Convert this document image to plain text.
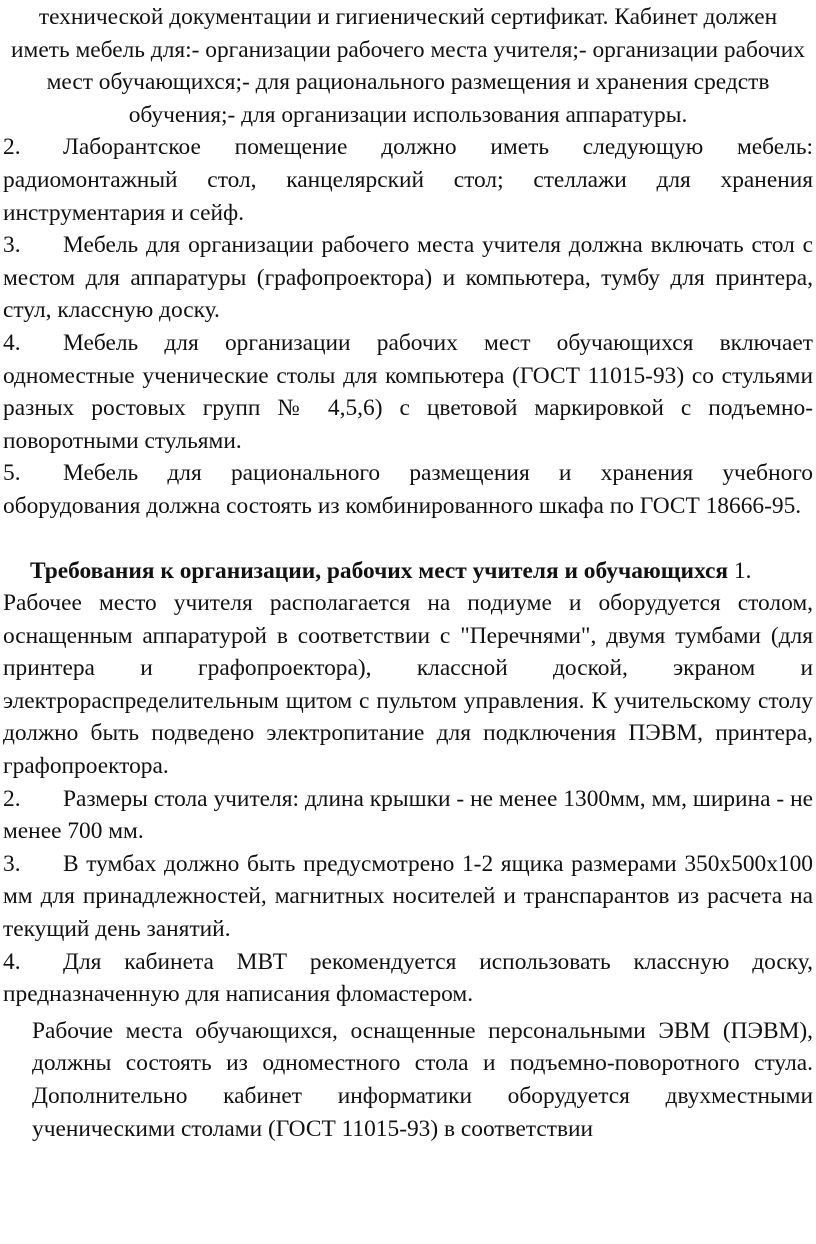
технической документации и гигиенический сертификат. Кабинет должен иметь мебель для:- организации рабочего места учителя;- организации рабочих мест обучающихся;- для рационального размещения и хранения средств обучения;- для организации использования аппаратуры.

2. Лаборантское помещение должно иметь следующую мебель: радиомонтажный стол, канцелярский стол; стеллажи для хранения инструментария и сейф.

3. Мебель для организации рабочего места учителя должна включать стол с местом для аппаратуры (графопроектора) и компьютера, тумбу для принтера, стул, классную доску.

4. Мебель для организации рабочих мест обучающихся включает одноместные ученические столы для компьютера (ГОСТ 11015-93) со стульями разных ростовых групп № 4,5,6) с цветовой маркировкой с подъемно-поворотными стульями.

5. Мебель для рационального размещения и хранения учебного оборудования должна состоять из комбинированного шкафа по ГОСТ 18666-95.

Требования к организации, рабочих мест учителя и обучающихся 1.

Рабочее место учителя располагается на подиуме и оборудуется столом, оснащенным аппаратурой в соответствии с "Перечнями", двумя тумбами (для принтера и графопроектора), классной доской, экраном и электрораспределительным щитом с пультом управления. К учительскому столу должно быть подведено электропитание для подключения ПЭВМ, принтера, графопроектора.

2. Размеры стола учителя: длина крышки - не менее 1300мм, мм, ширина - не менее 700 мм.

3. В тумбах должно быть предусмотрено 1-2 ящика размерами 350х500х100 мм для принадлежностей, магнитных носителей и транспарантов из расчета на текущий день занятий.

4. Для кабинета МВТ рекомендуется использовать классную доску, предназначенную для написания фломастером.

Рабочие места обучающихся, оснащенные персональными ЭВМ (ПЭВМ), должны состоять из одноместного стола и подъемно-поворотного стула. Дополнительно кабинет информатики оборудуется двухместными ученическими столами (ГОСТ 11015-93) в соответствии
